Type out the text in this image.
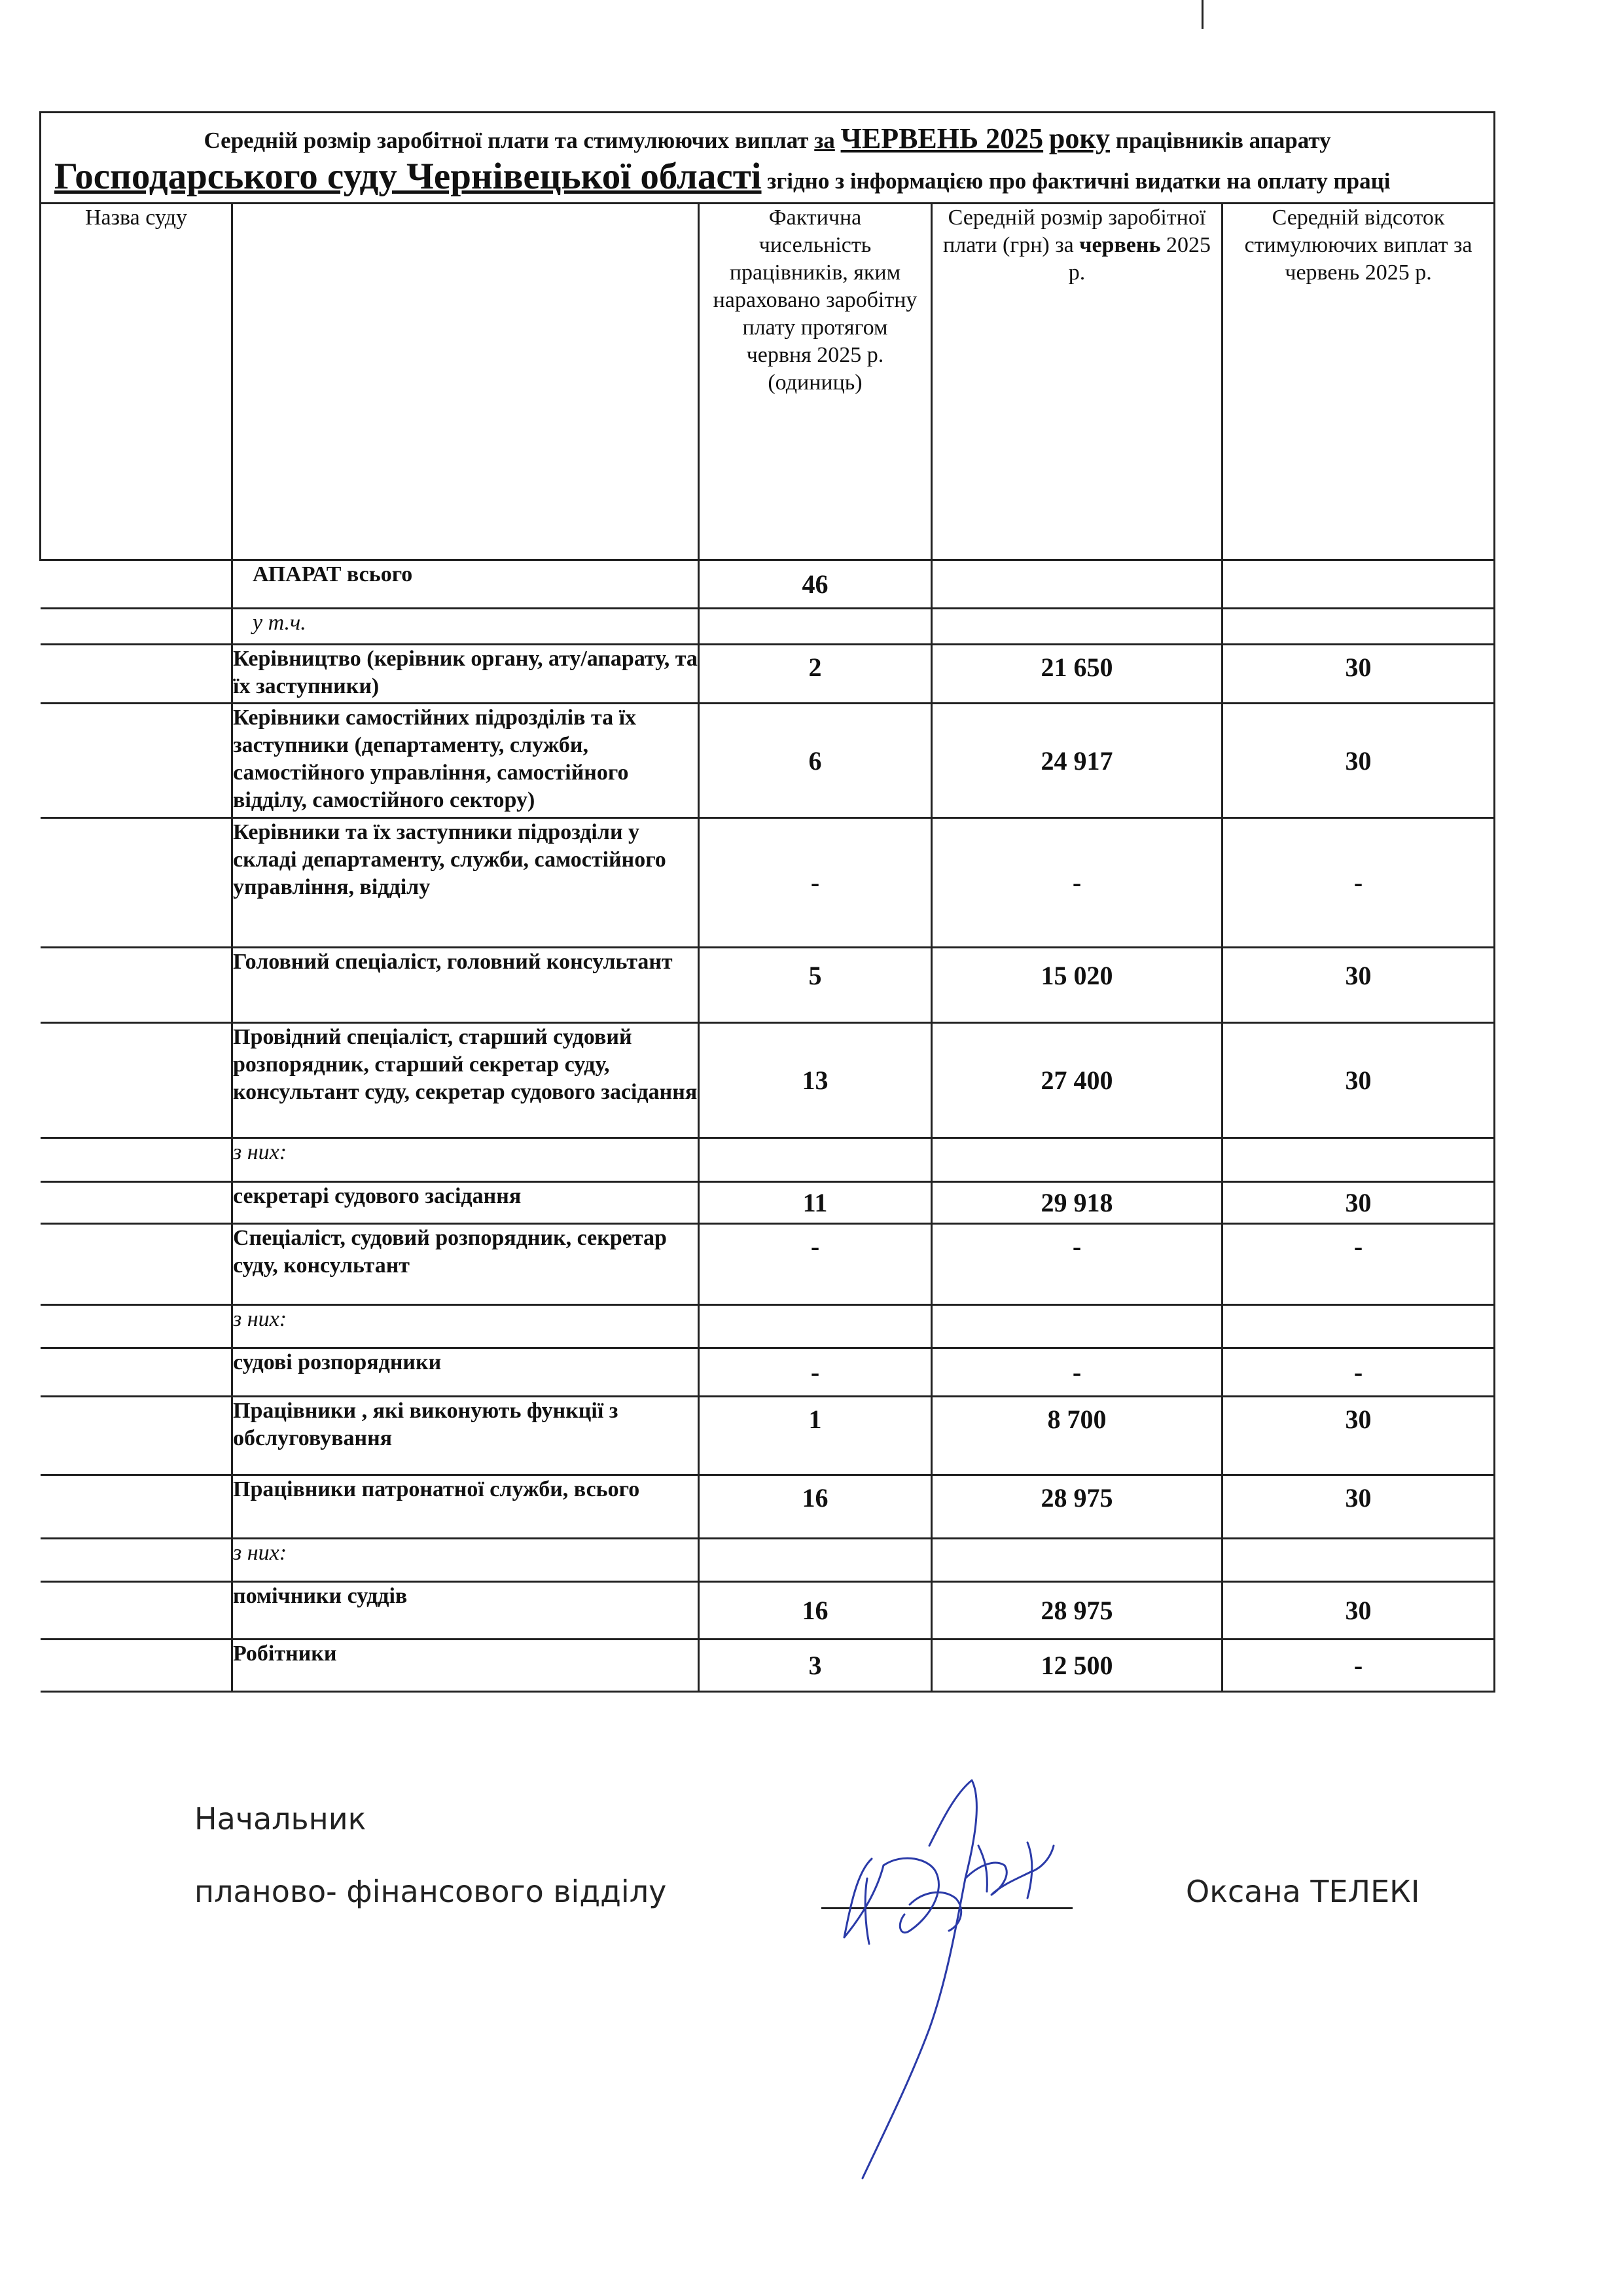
Середній розмір заробітної плати та стимулюючих виплат за ЧЕРВЕНЬ 2025 року працівників апарату
Господарського суду Чернівецької області згідно з інформацією про фактичні видатки на оплату праці				

Назва суду		Фактична чисельність працівників, яким нараховано заробітну плату протягом червня 2025 р. (одиниць)	Середній розмір заробітної плати (грн) за червень 2025 р.	Середній відсоток стимулюючих виплат за червень 2025 р.
	АПАРАТ всього	46		
	у т.ч.			
	Керівництво (керівник органу, ату/апарату, та їх заступники)	2	21 650	30
	Керівники самостійних підрозділів та їх заступники (департаменту, служби, самостійного управління, самостійного відділу, самостійного сектору)	6	24 917	30
	Керівники та їх заступники підрозділи у складі департаменту, служби, самостійного управління, відділу	-	-	-
	Головний спеціаліст, головний консультант	5	15 020	30
	Провідний спеціаліст, старший судовий розпорядник, старший секретар суду, консультант суду, секретар судового засідання	13	27 400	30
	з них:			
	секретарі судового засідання	11	29 918	30
	Спеціаліст, судовий розпорядник, секретар суду, консультант	-	-	-
	з них:			
	судові розпорядники	-	-	-
	Працівники , які виконують функції з обслуговування	1	8 700	30
	Працівники патронатної служби, всього	16	28 975	30
	з них:			
	помічники суддів	16	28 975	30
	Робітники	3	12 500	-
Начальник
планово- фінансового відділу	Оксана ТЕЛЕКІ
